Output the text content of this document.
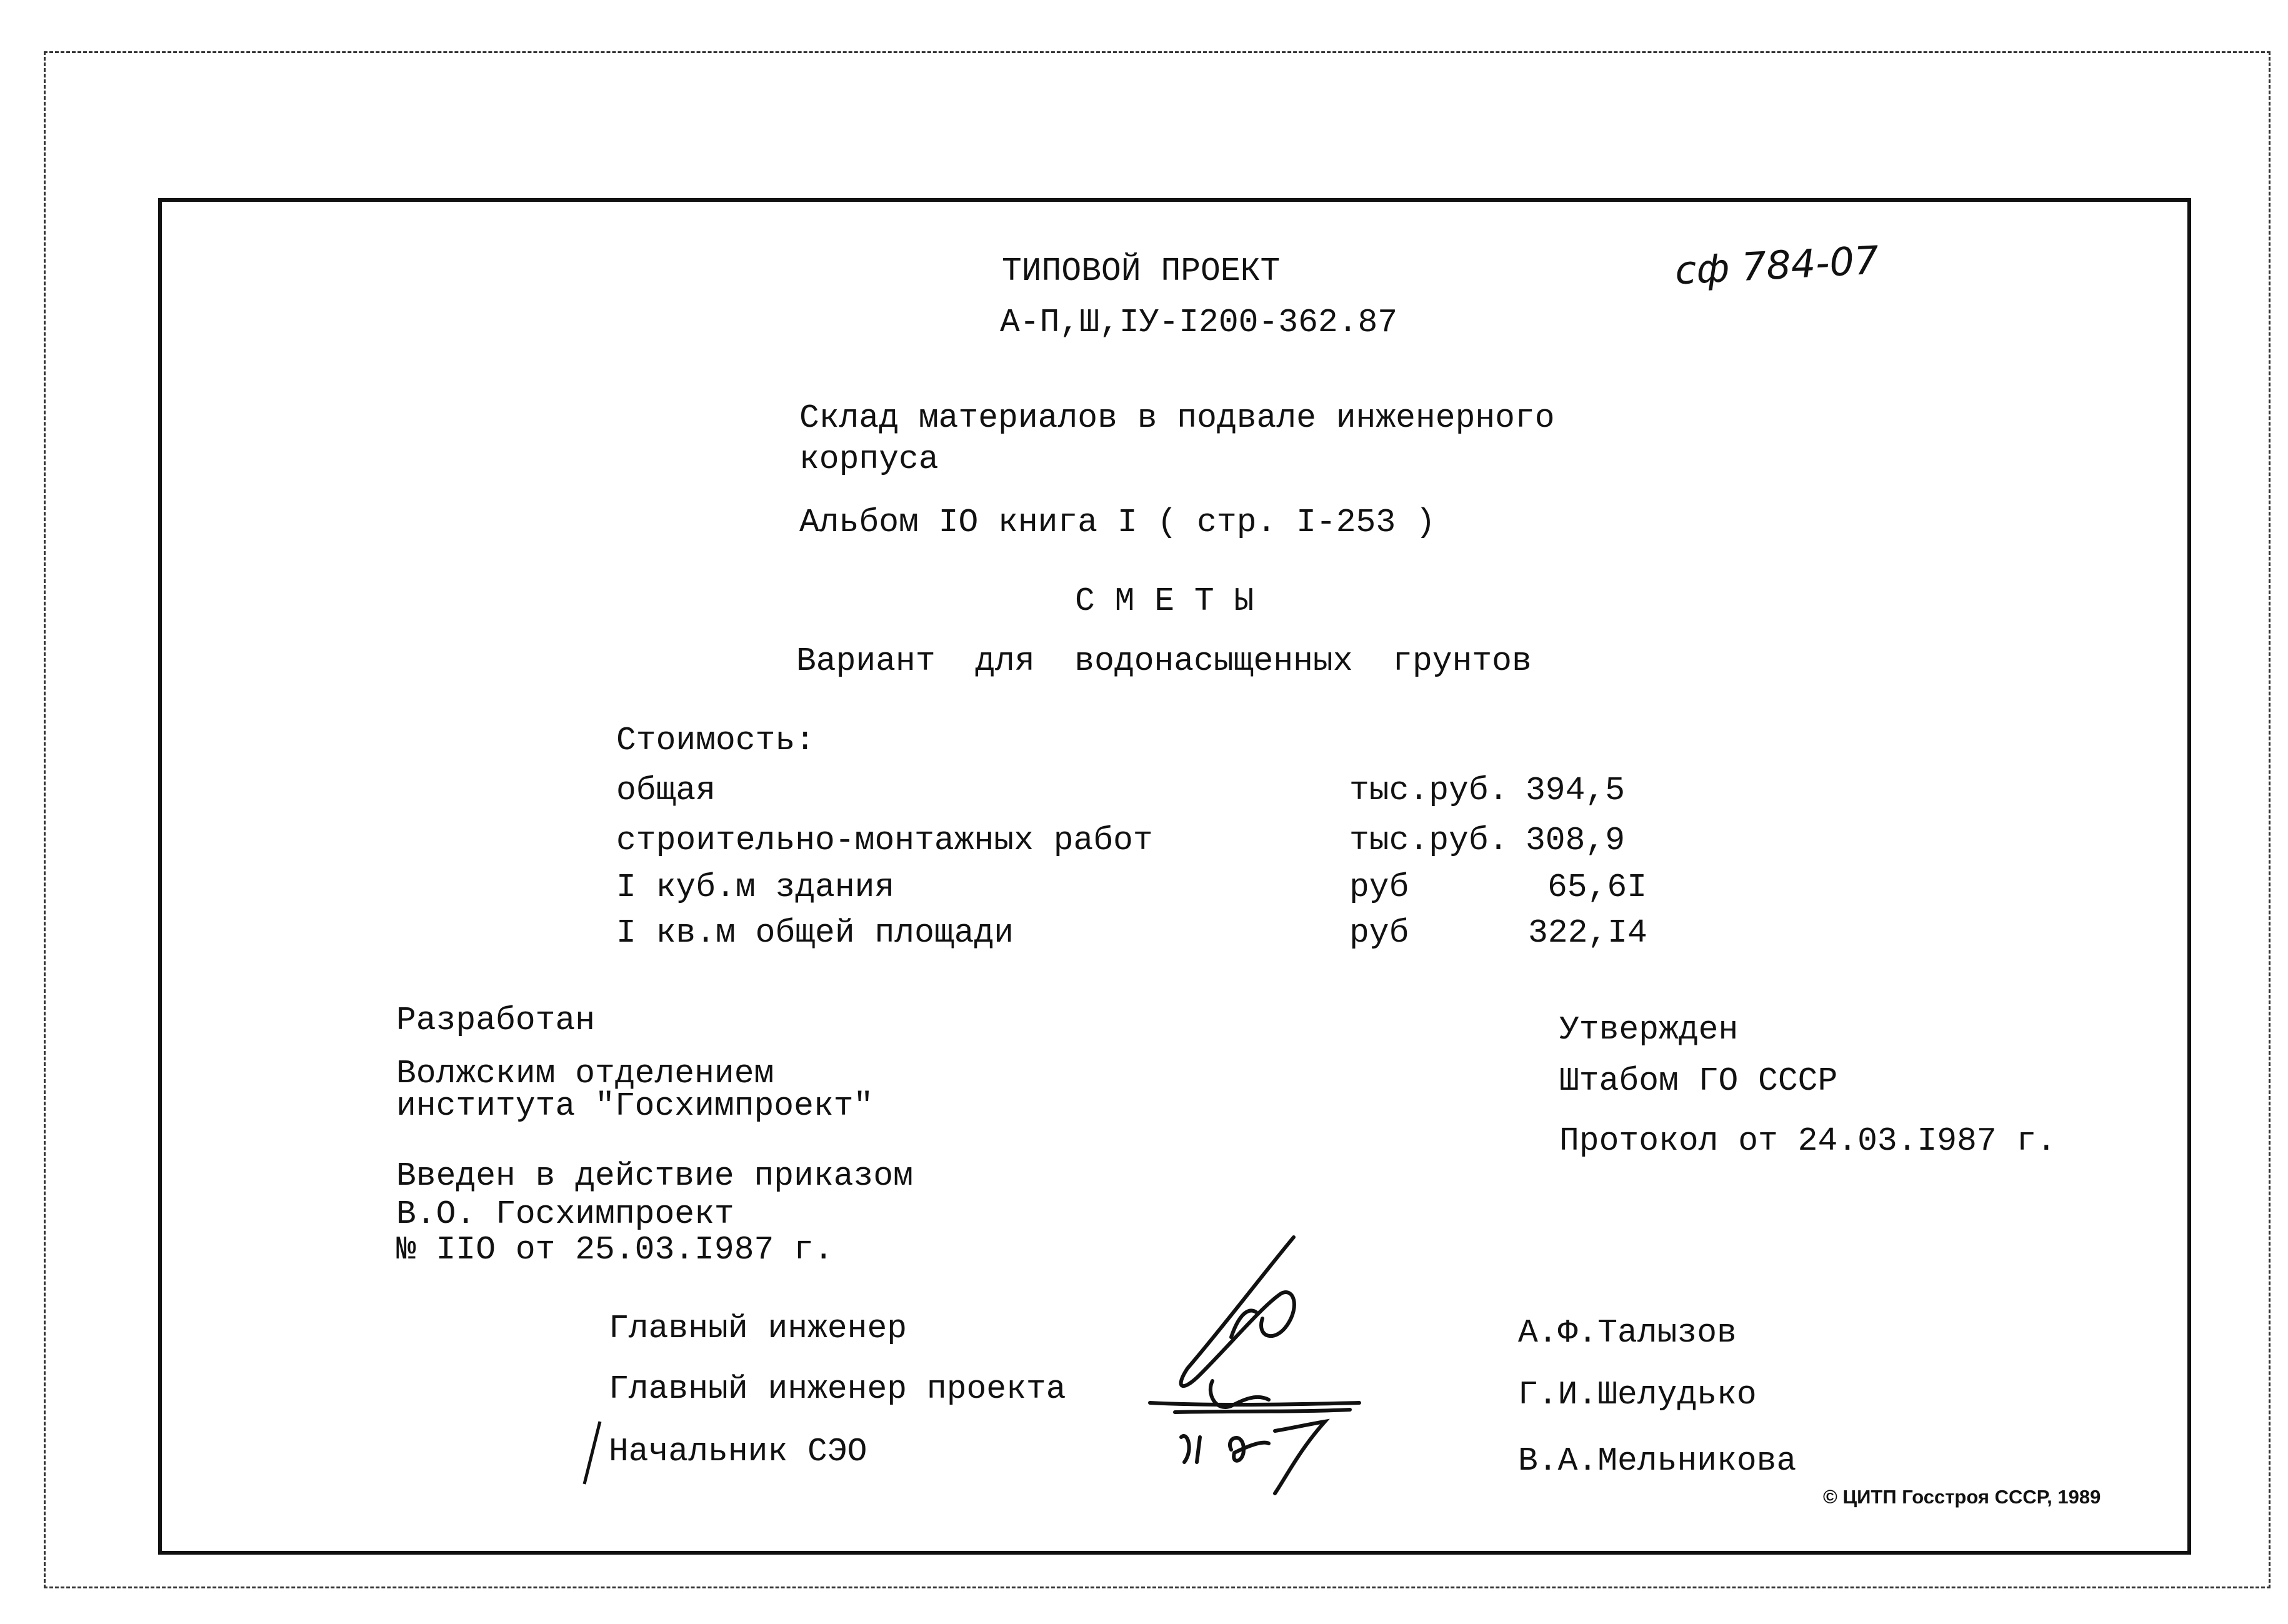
ТИПОВОЙ ПРОЕКТ
А-П,Ш,IУ-I200-362.87
сф 784-07
Склад материалов в подвале инженерного
корпуса
Альбом IO книга I ( стр. I-253 )
С М Е Т Ы
Вариант  для  водонасыщенных  грунтов
Стоимость:
общая	тыс.руб. 394,5
строительно-монтажных работ	тыс.руб. 308,9
I куб.м здания	руб	65,6I
I кв.м общей площади	руб	322,I4
Разработан
Волжским отделением
института "Госхимпроект"
Введен в действие приказом
В.О. Госхимпроект
№ IIO от 25.03.I987 г.
Утвержден
Штабом ГО СССР
Протокол от 24.03.I987 г.
Главный инженер
Главный инженер проекта
Начальник СЭО
А.Ф.Талызов
Г.И.Шелудько
В.А.Мельникова
© ЦИТП Госстроя СССР, 1989
